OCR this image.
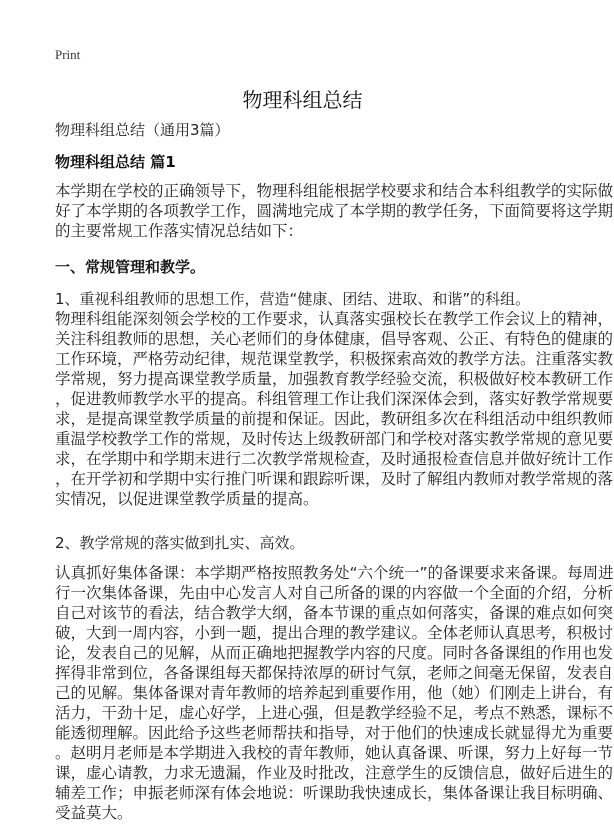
Print
物理科组总结
物理科组总结（通用3篇）
物理科组总结 篇1
本学期在学校的正确领导下，物理科组能根据学校要求和结合本科组教学的实际做
好了本学期的各项教学工作，圆满地完成了本学期的教学任务，下面简要将这学期
的主要常规工作落实情况总结如下：
一、常规管理和教学。
1、重视科组教师的思想工作，营造“健康、团结、进取、和谐”的科组。
物理科组能深刻领会学校的工作要求，认真落实强校长在教学工作会议上的精神，
关注科组教师的思想，关心老师们的身体健康，倡导客观、公正、有特色的健康的
工作环境，严格劳动纪律，规范课堂教学，积极探索高效的教学方法。注重落实教
学常规，努力提高课堂教学质量，加强教育教学经验交流，积极做好校本教研工作
，促进教师教学水平的提高。科组管理工作让我们深深体会到，落实好教学常规要
求，是提高课堂教学质量的前提和保证。因此，教研组多次在科组活动中组织教师
重温学校教学工作的常规，及时传达上级教研部门和学校对落实教学常规的意见要
求，在学期中和学期末进行二次教学常规检查，及时通报检查信息并做好统计工作
，在开学初和学期中实行推门听课和跟踪听课，及时了解组内教师对教学常规的落
实情况，以促进课堂教学质量的提高。
2、教学常规的落实做到扎实、高效。
认真抓好集体备课：本学期严格按照教务处“六个统一”的备课要求来备课。每周进
行一次集体备课，先由中心发言人对自己所备的课的内容做一个全面的介绍，分析
自己对该节的看法，结合教学大纲，备本节课的重点如何落实，备课的难点如何突
破，大到一周内容，小到一题，提出合理的教学建议。全体老师认真思考，积极讨
论，发表自己的见解，从而正确地把握教学内容的尺度。同时各备课组的作用也发
挥得非常到位，各备课组每天都保持浓厚的研讨气氛，老师之间毫无保留，发表自
己的见解。集体备课对青年教师的培养起到重要作用，他（她）们刚走上讲台，有
活力，干劲十足，虚心好学，上进心强，但是教学经验不足，考点不熟悉，课标不
能透彻理解。因此给予这些老师帮扶和指导，对于他们的快速成长就显得尤为重要
。赵明月老师是本学期进入我校的青年教师，她认真备课、听课，努力上好每一节
课，虚心请教，力求无遗漏，作业及时批改，注意学生的反馈信息，做好后进生的
辅差工作；申振老师深有体会地说：听课助我快速成长，集体备课让我目标明确、
受益莫大。
